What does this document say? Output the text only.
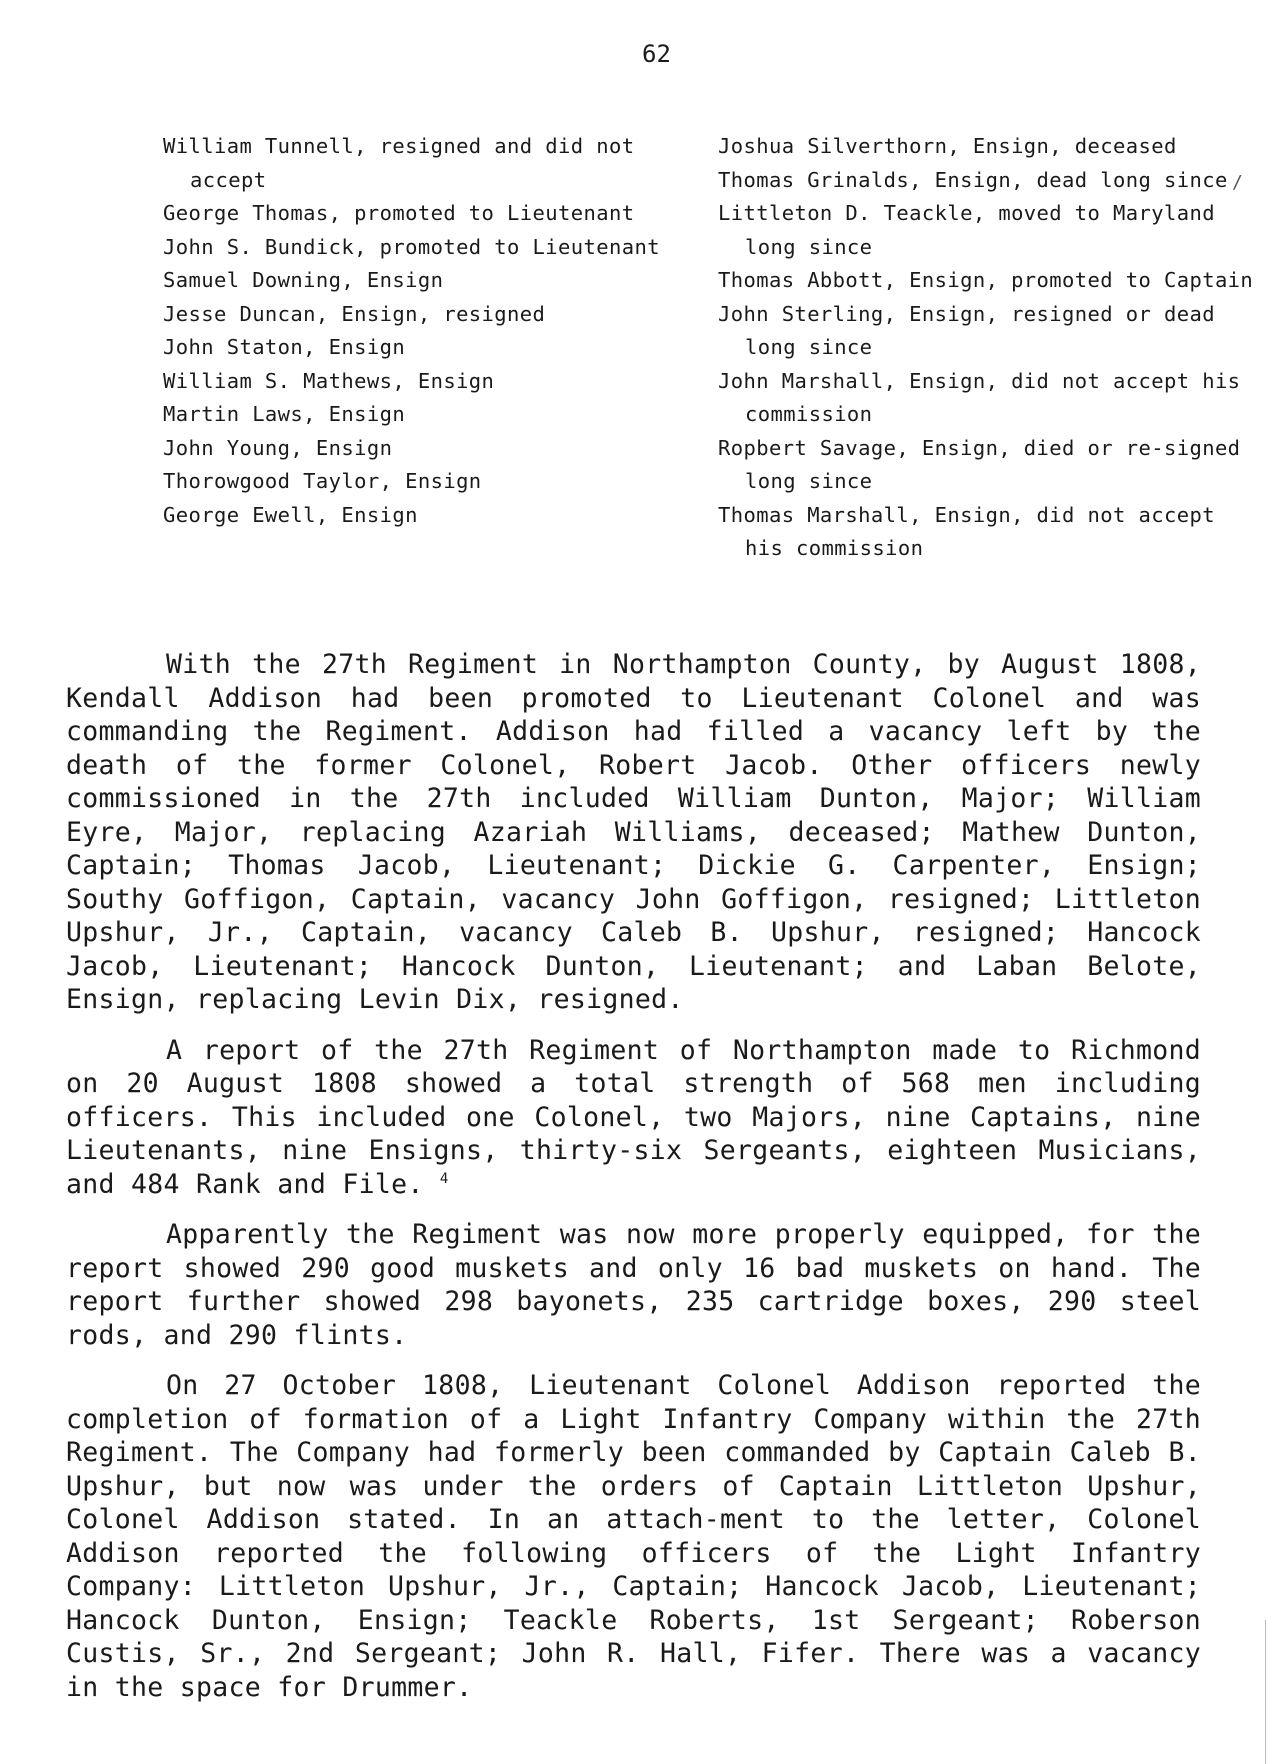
62
William Tunnell, resigned and did not accept
George Thomas, promoted to Lieutenant
John S. Bundick, promoted to Lieutenant
Samuel Downing, Ensign
Jesse Duncan, Ensign, resigned
John Staton, Ensign
William S. Mathews, Ensign
Martin Laws, Ensign
John Young, Ensign
Thorowgood Taylor, Ensign
George Ewell, Ensign
Joshua Silverthorn, Ensign, deceased
Thomas Grinalds, Ensign, dead long since
Littleton D. Teackle, moved to Maryland long since
Thomas Abbott, Ensign, promoted to Captain
John Sterling, Ensign, resigned or dead long since
John Marshall, Ensign, did not accept his commission
Ropbert Savage, Ensign, died or re-signed long since
Thomas Marshall, Ensign, did not accept his commission
/

With the 27th Regiment in Northampton County, by August 1808, Kendall Addison had been promoted to Lieutenant Colonel and was commanding the Regiment. Addison had filled a vacancy left by the death of the former Colonel, Robert Jacob. Other officers newly commissioned in the 27th included William Dunton, Major; William Eyre, Major, replacing Azariah Williams, deceased; Mathew Dunton, Captain; Thomas Jacob, Lieutenant; Dickie G. Carpenter, Ensign; Southy Goffigon, Captain, vacancy John Goffigon, resigned; Littleton Upshur, Jr., Captain, vacancy Caleb B. Upshur, resigned; Hancock Jacob, Lieutenant; Hancock Dunton, Lieutenant; and Laban Belote, Ensign, replacing Levin Dix, resigned.

A report of the 27th Regiment of Northampton made to Richmond on 20 August 1808 showed a total strength of 568 men including officers. This included one Colonel, two Majors, nine Captains, nine Lieutenants, nine Ensigns, thirty-six Sergeants, eighteen Musicians, and 484 Rank and File. $^4$

Apparently the Regiment was now more properly equipped, for the report showed 290 good muskets and only 16 bad muskets on hand. The report further showed 298 bayonets, 235 cartridge boxes, 290 steel rods, and 290 flints.

On 27 October 1808, Lieutenant Colonel Addison reported the completion of formation of a Light Infantry Company within the 27th Regiment. The Company had formerly been commanded by Captain Caleb B. Upshur, but now was under the orders of Captain Littleton Upshur, Colonel Addison stated. In an attach-ment to the letter, Colonel Addison reported the following officers of the Light Infantry Company: Littleton Upshur, Jr., Captain; Hancock Jacob, Lieutenant; Hancock Dunton, Ensign; Teackle Roberts, 1st Sergeant; Roberson Custis, Sr., 2nd Sergeant; John R. Hall, Fifer. There was a vacancy in the space for Drummer.
